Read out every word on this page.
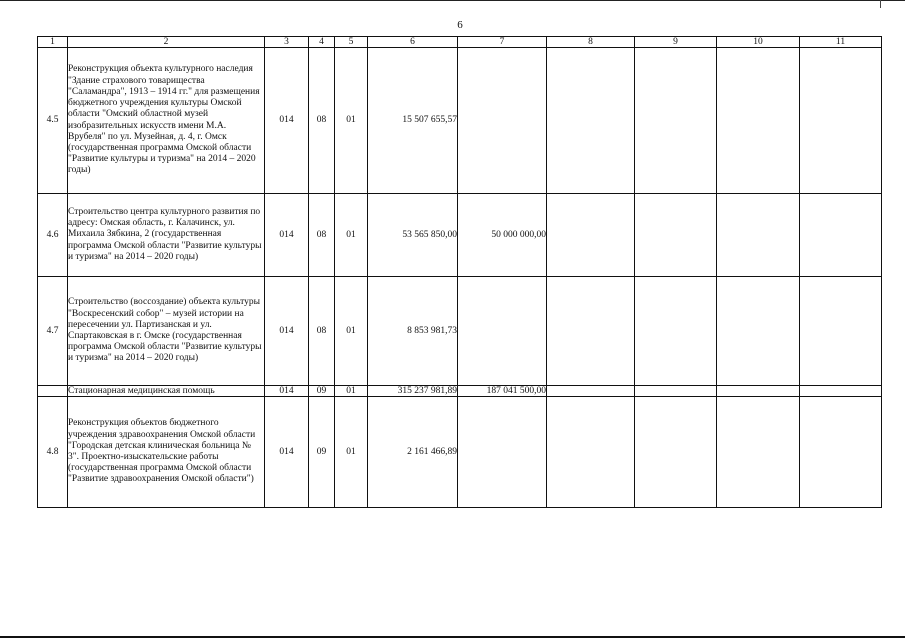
6
1	2	3	4	5	6	7	8	9	10	11
4.5	Реконструкция объекта культурного наследия "Здание страхового товарищества "Саламандра", 1913 – 1914 гг." для размещения бюджетного учреждения культуры Омской области "Омский областной музей изобразительных искусств имени М.А. Врубеля" по ул. Музейная, д. 4, г. Омск (государственная программа Омской области "Развитие культуры и туризма" на 2014 – 2020 годы)	014	08	01	15 507 655,57					
4.6	Строительство центра культурного развития по адресу: Омская область, г. Калачинск, ул. Михаила Зябкина, 2 (государственная программа Омской области "Развитие культуры и туризма" на 2014 – 2020 годы)	014	08	01	53 565 850,00	50 000 000,00				
4.7	Строительство (воссоздание) объекта культуры "Воскресенский собор" – музей истории на пересечении ул. Партизанская и ул. Спартаковская в г. Омске (государственная программа Омской области "Развитие культуры и туризма" на 2014 – 2020 годы)	014	08	01	8 853 981,73					
	Стационарная медицинская помощь	014	09	01	315 237 981,89	187 041 500,00				
4.8	Реконструкция объектов бюджетного учреждения здравоохранения Омской области "Городская детская клиническая больница № 3". Проектно-изыскательские работы (государственная программа Омской области "Развитие здравоохранения Омской области")	014	09	01	2 161 466,89					
